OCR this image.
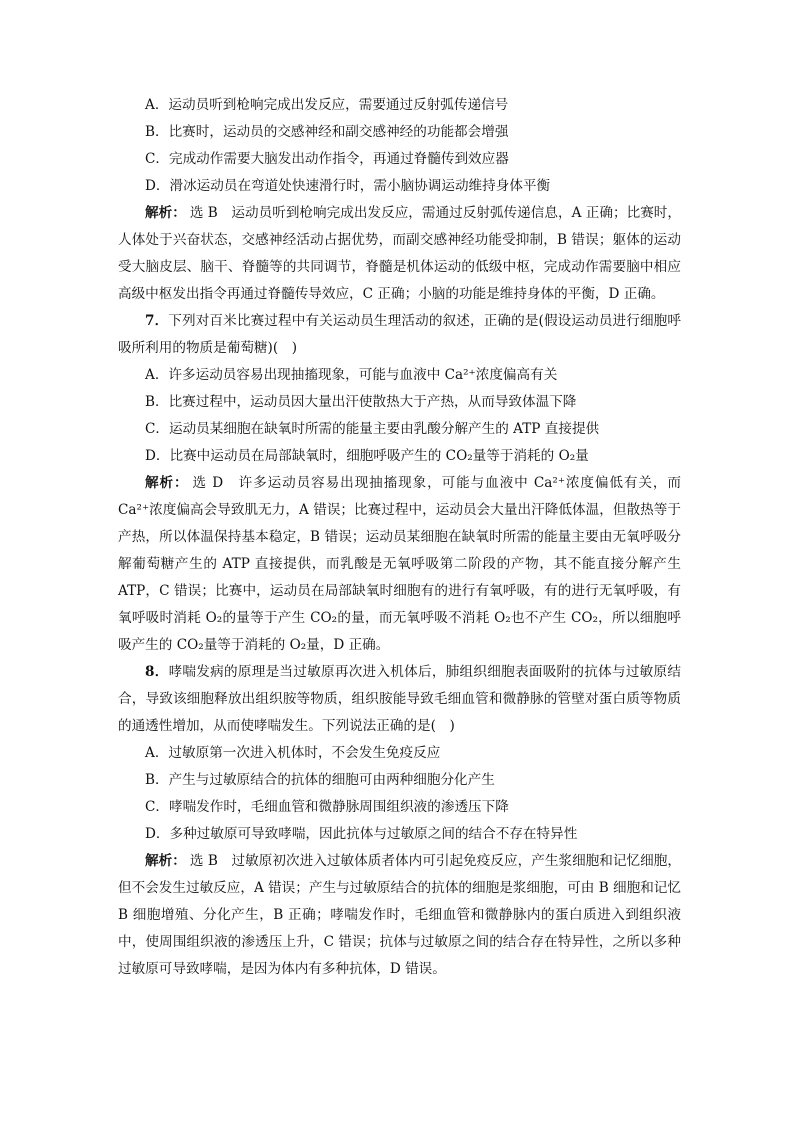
A．运动员听到枪响完成出发反应，需要通过反射弧传递信号
B．比赛时，运动员的交感神经和副交感神经的功能都会增强
C．完成动作需要大脑发出动作指令，再通过脊髓传到效应器
D．滑冰运动员在弯道处快速滑行时，需小脑协调运动维持身体平衡
解析： 选 B　 运动员听到枪响完成出发反应，需通过反射弧传递信息，A 正确；比赛时，人体处于兴奋状态，交感神经活动占据优势，而副交感神经功能受抑制，B 错误；躯体的运动受大脑皮层、脑干、脊髓等的共同调节，脊髓是机体运动的低级中枢，完成动作需要脑中相应高级中枢发出指令再通过脊髓传导效应，C 正确；小脑的功能是维持身体的平衡，D 正确。
7．下列对百米比赛过程中有关运动员生理活动的叙述，正确的是(假设运动员进行细胞呼吸所利用的物质是葡萄糖)(　)
A．许多运动员容易出现抽搐现象，可能与血液中 Ca²⁺浓度偏高有关
B．比赛过程中，运动员因大量出汗使散热大于产热，从而导致体温下降
C．运动员某细胞在缺氧时所需的能量主要由乳酸分解产生的 ATP 直接提供
D．比赛中运动员在局部缺氧时，细胞呼吸产生的 CO₂量等于消耗的 O₂量
解析： 选 D　 许多运动员容易出现抽搐现象，可能与血液中 Ca²⁺浓度偏低有关，而 Ca²⁺浓度偏高会导致肌无力，A 错误；比赛过程中，运动员会大量出汗降低体温，但散热等于产热，所以体温保持基本稳定，B 错误；运动员某细胞在缺氧时所需的能量主要由无氧呼吸分解葡萄糖产生的 ATP 直接提供，而乳酸是无氧呼吸第二阶段的产物，其不能直接分解产生 ATP，C 错误；比赛中，运动员在局部缺氧时细胞有的进行有氧呼吸，有的进行无氧呼吸，有氧呼吸时消耗 O₂的量等于产生 CO₂的量，而无氧呼吸不消耗 O₂也不产生 CO₂，所以细胞呼吸产生的 CO₂量等于消耗的 O₂量，D 正确。
8．哮喘发病的原理是当过敏原再次进入机体后，肺组织细胞表面吸附的抗体与过敏原结合，导致该细胞释放出组织胺等物质，组织胺能导致毛细血管和微静脉的管壁对蛋白质等物质的通透性增加，从而使哮喘发生。下列说法正确的是(　)
A．过敏原第一次进入机体时，不会发生免疫反应
B．产生与过敏原结合的抗体的细胞可由两种细胞分化产生
C．哮喘发作时，毛细血管和微静脉周围组织液的渗透压下降
D．多种过敏原可导致哮喘，因此抗体与过敏原之间的结合不存在特异性
解析： 选 B　 过敏原初次进入过敏体质者体内可引起免疫反应，产生浆细胞和记忆细胞，但不会发生过敏反应，A 错误；产生与过敏原结合的抗体的细胞是浆细胞，可由 B 细胞和记忆 B 细胞增殖、分化产生，B 正确；哮喘发作时，毛细血管和微静脉内的蛋白质进入到组织液中，使周围组织液的渗透压上升，C 错误；抗体与过敏原之间的结合存在特异性，之所以多种过敏原可导致哮喘，是因为体内有多种抗体，D 错误。
